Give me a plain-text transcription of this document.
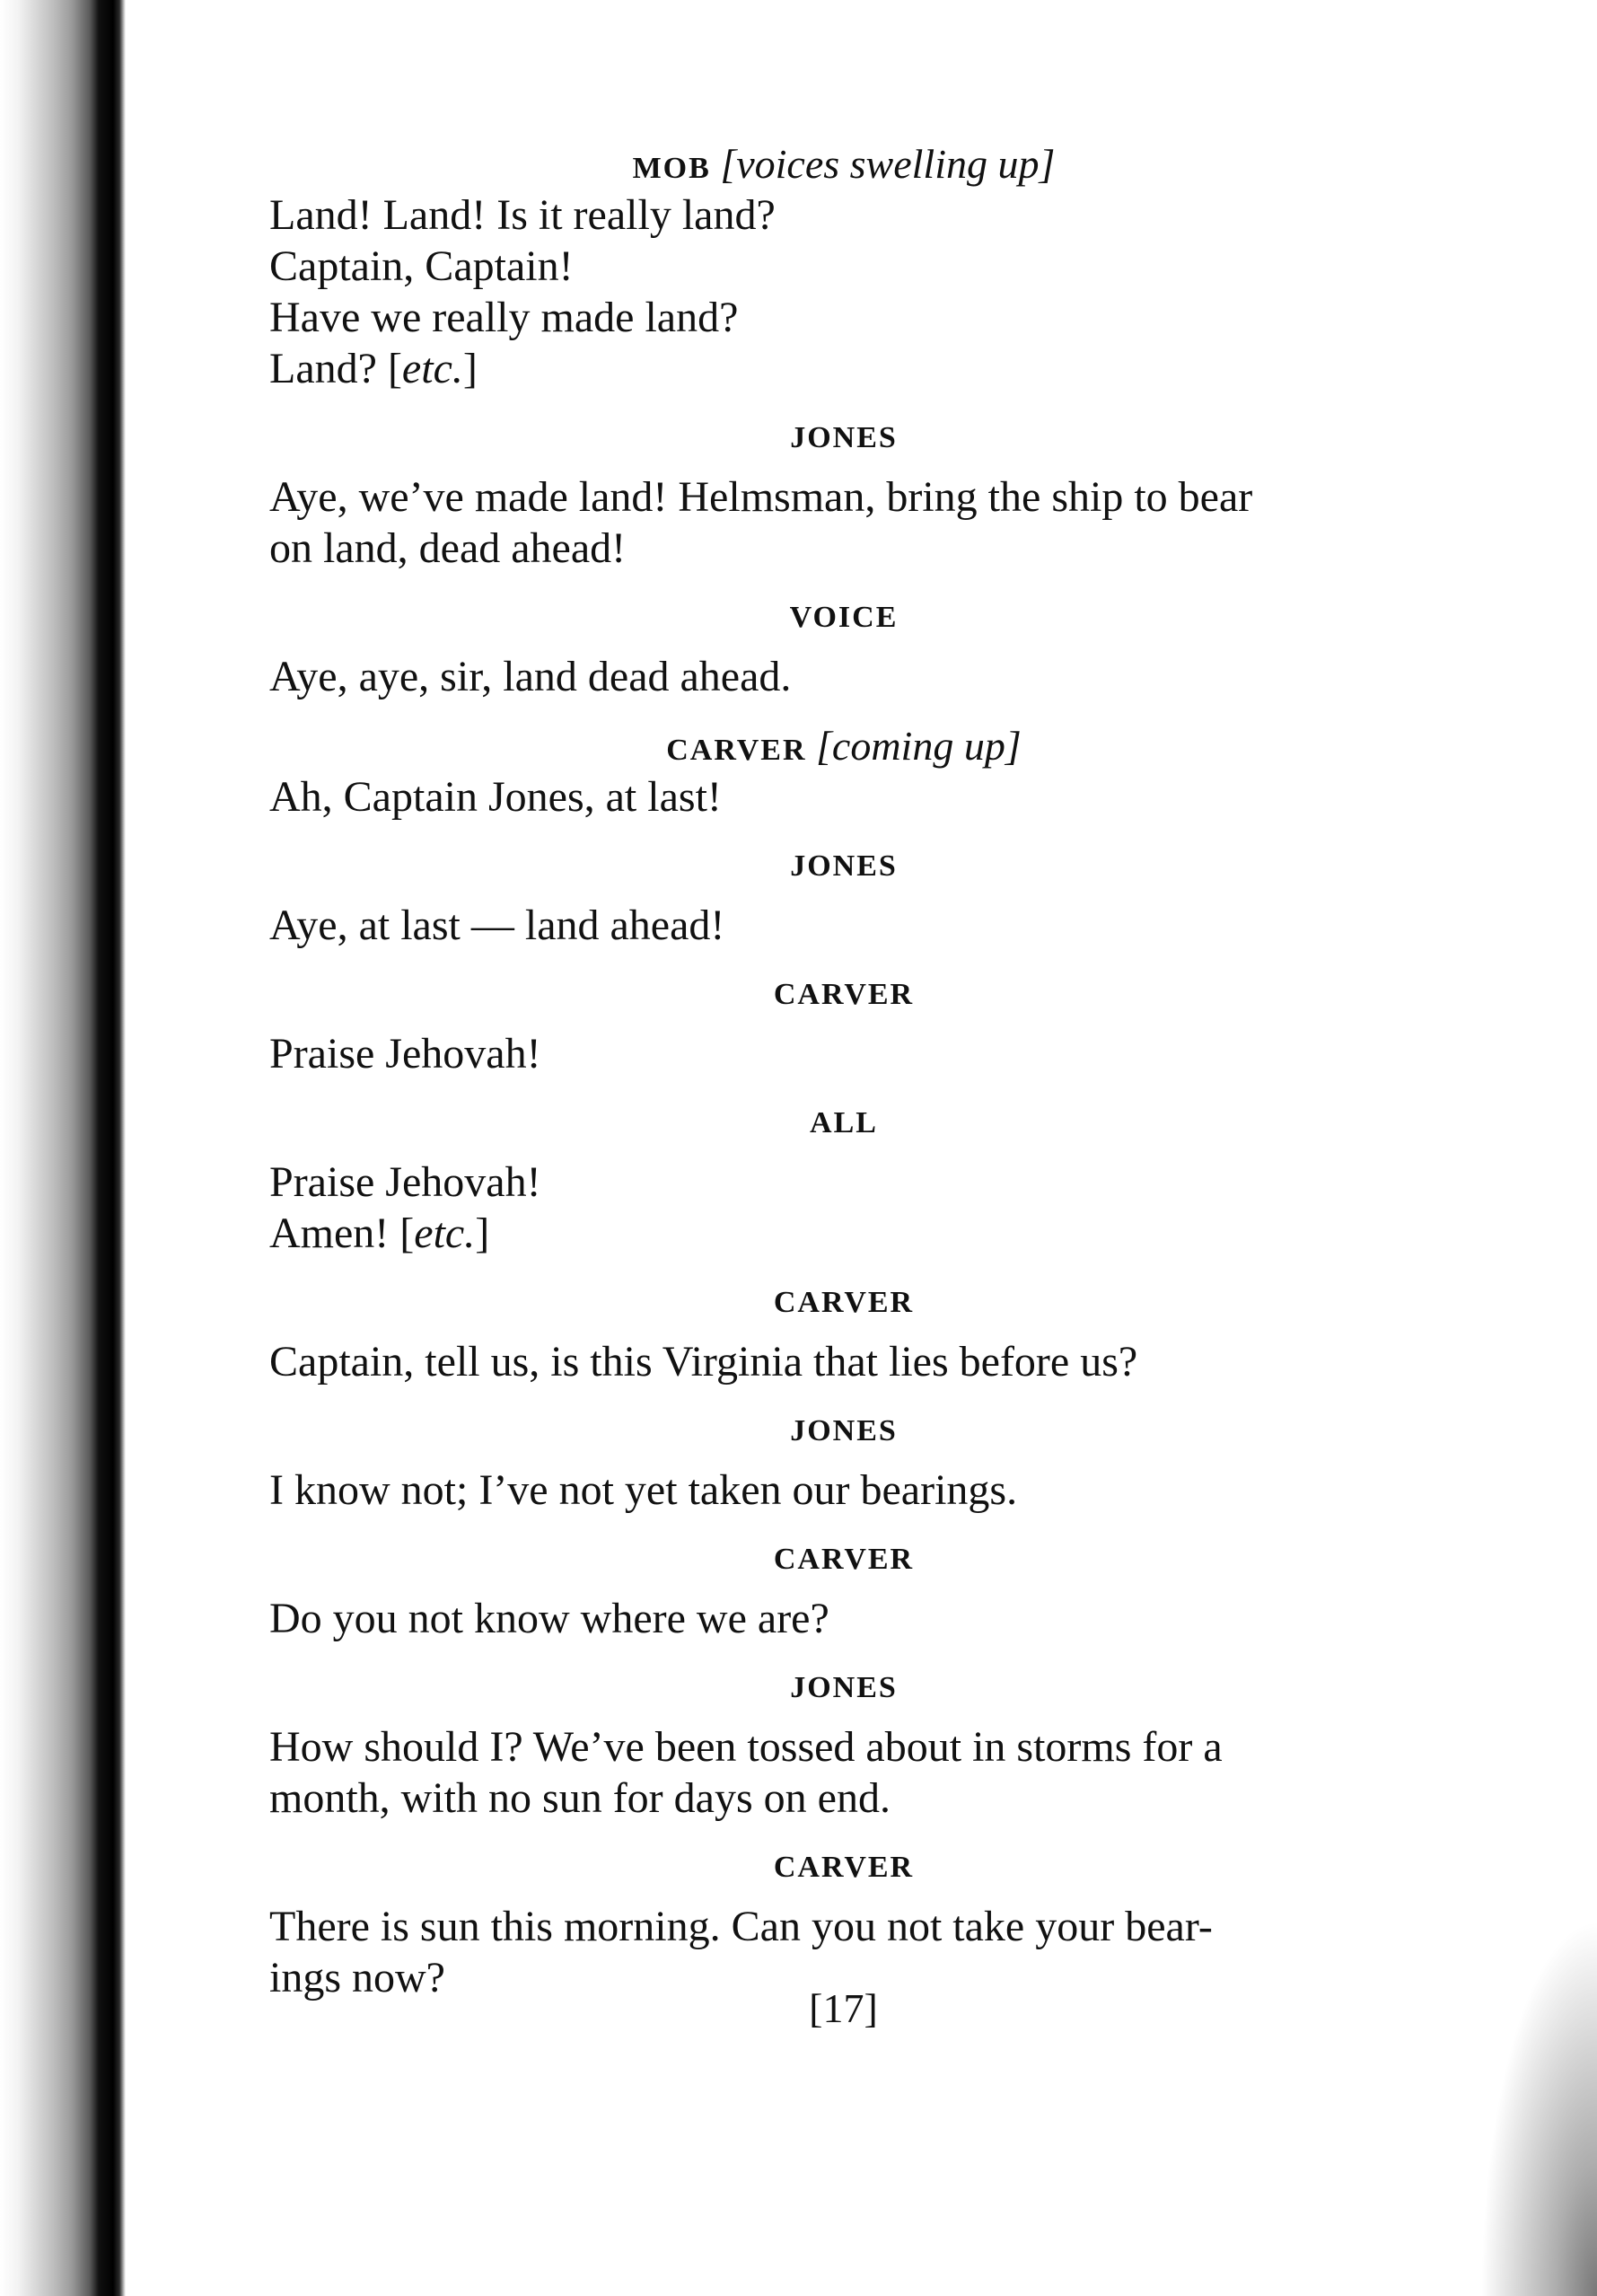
MOB [voices swelling up]

Land! Land! Is it really land?
Captain, Captain!
Have we really made land?
Land? [etc.]

JONES

Aye, we’ve made land! Helmsman, bring the ship to bear
on land, dead ahead!

VOICE

Aye, aye, sir, land dead ahead.

CARVER [coming up]

Ah, Captain Jones, at last!

JONES

Aye, at last — land ahead!

CARVER

Praise Jehovah!

ALL

Praise Jehovah!
Amen! [etc.]

CARVER

Captain, tell us, is this Virginia that lies before us?

JONES

I know not; I’ve not yet taken our bearings.

CARVER

Do you not know where we are?

JONES

How should I? We’ve been tossed about in storms for a
month, with no sun for days on end.

CARVER

There is sun this morning. Can you not take your bear-
ings now?

[17]
